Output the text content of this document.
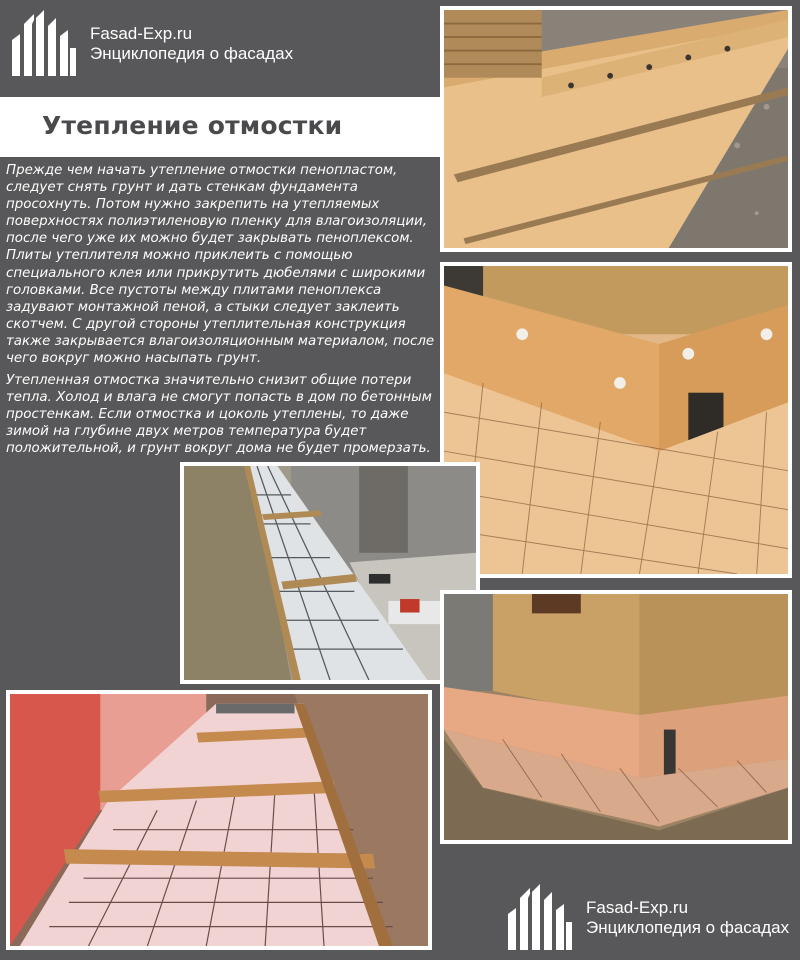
Fasad-Exp.ru
Энциклопедия о фасадах
Утепление отмостки

Прежде чем начать утепление отмостки пенопластом, следует снять грунт и дать стенкам фундамента просохнуть. Потом нужно закрепить на утепляемых поверхностях полиэтиленовую пленку для влагоизоляции, после чего уже их можно будет закрывать пеноплексом. Плиты утеплителя можно приклеить с помощью специального клея или прикрутить дюбелями с широкими головками. Все пустоты между плитами пеноплекса задувают монтажной пеной, а стыки следует заклеить скотчем. С другой стороны утеплительная конструкция также закрывается влагоизоляционным материалом, после чего вокруг можно насыпать грунт.

Утепленная отмостка значительно снизит общие потери тепла. Холод и влага не смогут попасть в дом по бетонным простенкам. Если отмостка и цоколь утеплены, то даже зимой на глубине двух метров температура будет положительной, и грунт вокруг дома не будет промерзать.

Fasad-Exp.ru
Энциклопедия о фасадах
